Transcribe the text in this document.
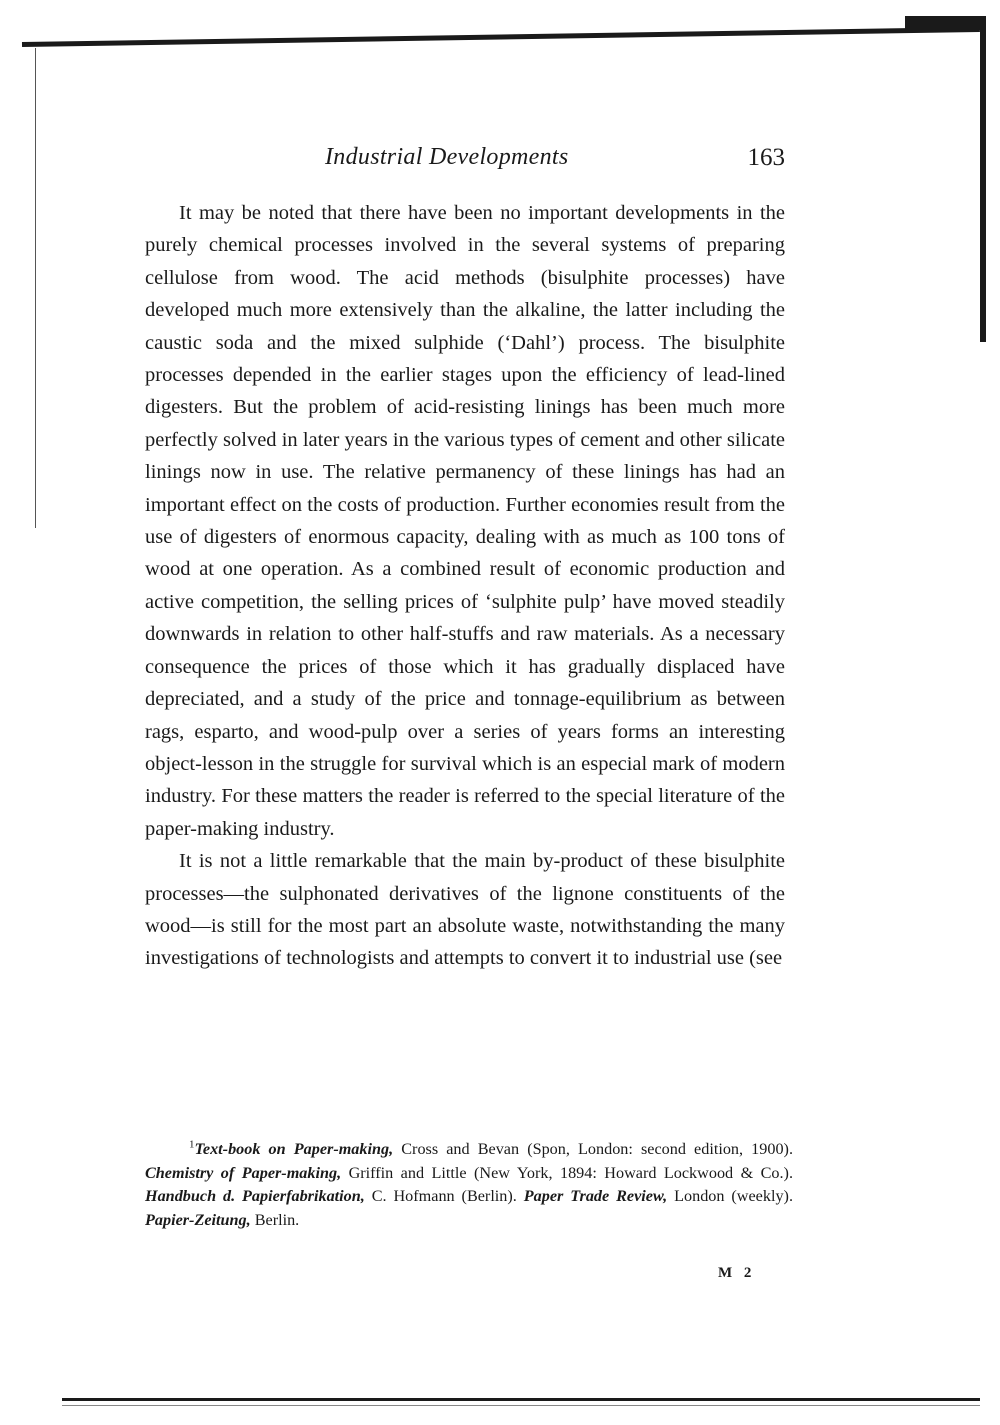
Industrial Developments	163

It may be noted that there have been no important developments in the purely chemical processes involved in the several systems of preparing cellulose from wood. The acid methods (bisulphite processes) have developed much more extensively than the alkaline, the latter including the caustic soda and the mixed sulphide (‘Dahl’) process. The bisulphite processes depended in the earlier stages upon the efficiency of lead-lined digesters. But the problem of acid-resisting linings has been much more perfectly solved in later years in the various types of cement and other silicate linings now in use. The relative permanency of these linings has had an important effect on the costs of production. Further economies result from the use of digesters of enormous capacity, dealing with as much as 100 tons of wood at one operation. As a combined result of economic production and active competition, the selling prices of ‘sulphite pulp’ have moved steadily downwards in relation to other half-stuffs and raw materials. As a necessary consequence the prices of those which it has gradually displaced have depreciated, and a study of the price and tonnage-equilibrium as between rags, esparto, and wood-pulp over a series of years forms an interesting object-lesson in the struggle for survival which is an especial mark of modern industry. For these matters the reader is referred to the special literature of the paper-making industry.

It is not a little remarkable that the main by-product of these bisulphite processes—the sulphonated derivatives of the lignone constituents of the wood—is still for the most part an absolute waste, notwithstanding the many investigations of technologists and attempts to convert it to industrial use (see

$^1$Text-book on Paper-making, Cross and Bevan (Spon, London: second edition, 1900). Chemistry of Paper-making, Griffin and Little (New York, 1894: Howard Lockwood & Co.). Handbuch d. Papierfabrikation, C. Hofmann (Berlin). Paper Trade Review, London (weekly). Papier-Zeitung, Berlin.

M 2
